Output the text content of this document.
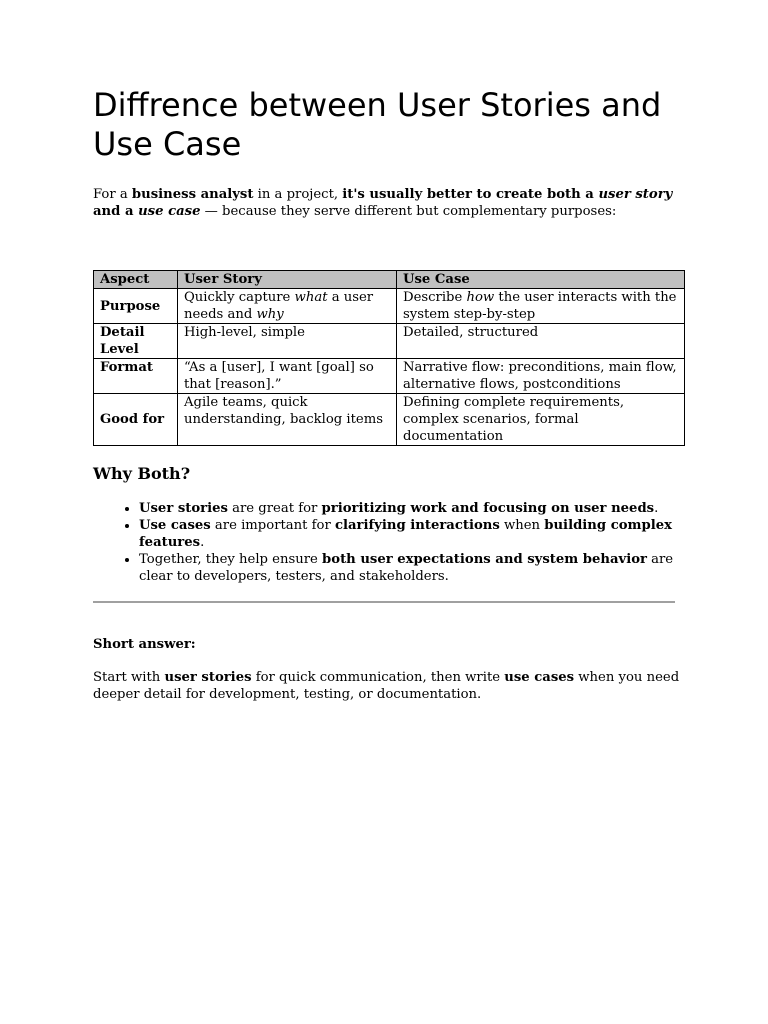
Diffrence between User Stories and Use Case

For a business analyst in a project, it's usually better to create both a user story and a use case — because they serve different but complementary purposes:

Aspect	User Story	Use Case
Purpose	Quickly capture what a user needs and why	Describe how the user interacts with the system step-by-step
Detail Level	High-level, simple	Detailed, structured
Format	“As a [user], I want [goal] so that [reason].”	Narrative flow: preconditions, main flow, alternative flows, postconditions
Good for	Agile teams, quick understanding, backlog items	Defining complete requirements, complex scenarios, formal documentation
Why Both?
• User stories are great for prioritizing work and focusing on user needs.
• Use cases are important for clarifying interactions when building complex features.
• Together, they help ensure both user expectations and system behavior are clear to developers, testers, and stakeholders.

Short answer:

Start with user stories for quick communication, then write use cases when you need deeper detail for development, testing, or documentation.
